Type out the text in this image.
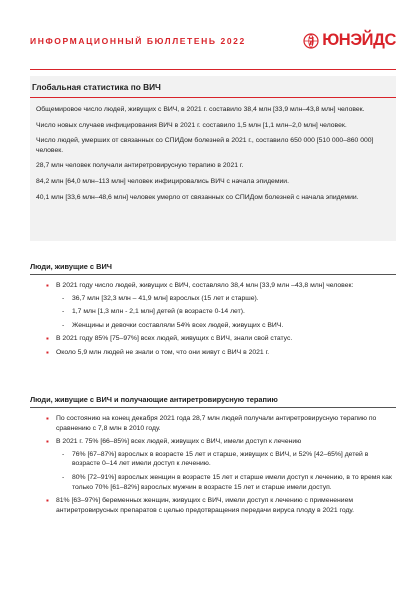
ИНФОРМАЦИОННЫЙ БЮЛЛЕТЕНЬ 2022	ЮНЭЙДС
Глобальная статистика по ВИЧ
Общемировое число людей, живущих с ВИЧ, в 2021 г. составило 38,4 млн [33,9 млн–43,8 млн] человек.
Число новых случаев инфицирования ВИЧ в 2021 г. составило 1,5 млн [1,1 млн–2,0 млн] человек.
Число людей, умерших от связанных со СПИДом болезней в 2021 г., составило 650 000 [510 000–860 000] человек.
28,7 млн человек получали антиретровирусную терапию в 2021 г.
84,2 млн [64,0 млн–113 млн] человек инфицировались ВИЧ с начала эпидемии.
40,1 млн [33,6 млн–48,6 млн] человек умерло от связанных со СПИДом болезней с начала эпидемии.
Люди, живущие с ВИЧ
▪ В 2021 году число людей, живущих с ВИЧ, составляло 38,4 млн [33,9 млн –43,8 млн] человек:
- 36,7 млн [32,3 млн – 41,9 млн] взрослых (15 лет и старше).
- 1,7 млн [1,3 млн - 2,1 млн] детей (в возрасте 0-14 лет).
- Женщины и девочки составляли 54% всех людей, живущих с ВИЧ.
▪ В 2021 году 85% [75–97%] всех людей, живущих с ВИЧ, знали свой статус.
▪ Около 5,9 млн людей не знали о том, что они живут с ВИЧ в 2021 г.
Люди, живущие с ВИЧ и получающие антиретровирусную терапию
▪ По состоянию на конец декабря 2021 года 28,7 млн людей получали антиретровирусную терапию по сравнению с 7,8 млн в 2010 году.
▪ В 2021 г. 75% [66–85%] всех людей, живущих с ВИЧ, имели доступ к лечению
- 76% [67–87%] взрослых в возрасте 15 лет и старше, живущих с ВИЧ, и 52% [42–65%] детей в возрасте 0–14 лет имели доступ к лечению.
- 80% [72–91%] взрослых женщин в возрасте 15 лет и старше имели доступ к лечению, в то время как только 70% [61–82%] взрослых мужчин в возрасте 15 лет и старше имели доступ.
▪ 81% [63–97%] беременных женщин, живущих с ВИЧ, имели доступ к лечению с применением антиретровирусных препаратов с целью предотвращения передачи вируса плоду в 2021 году.
